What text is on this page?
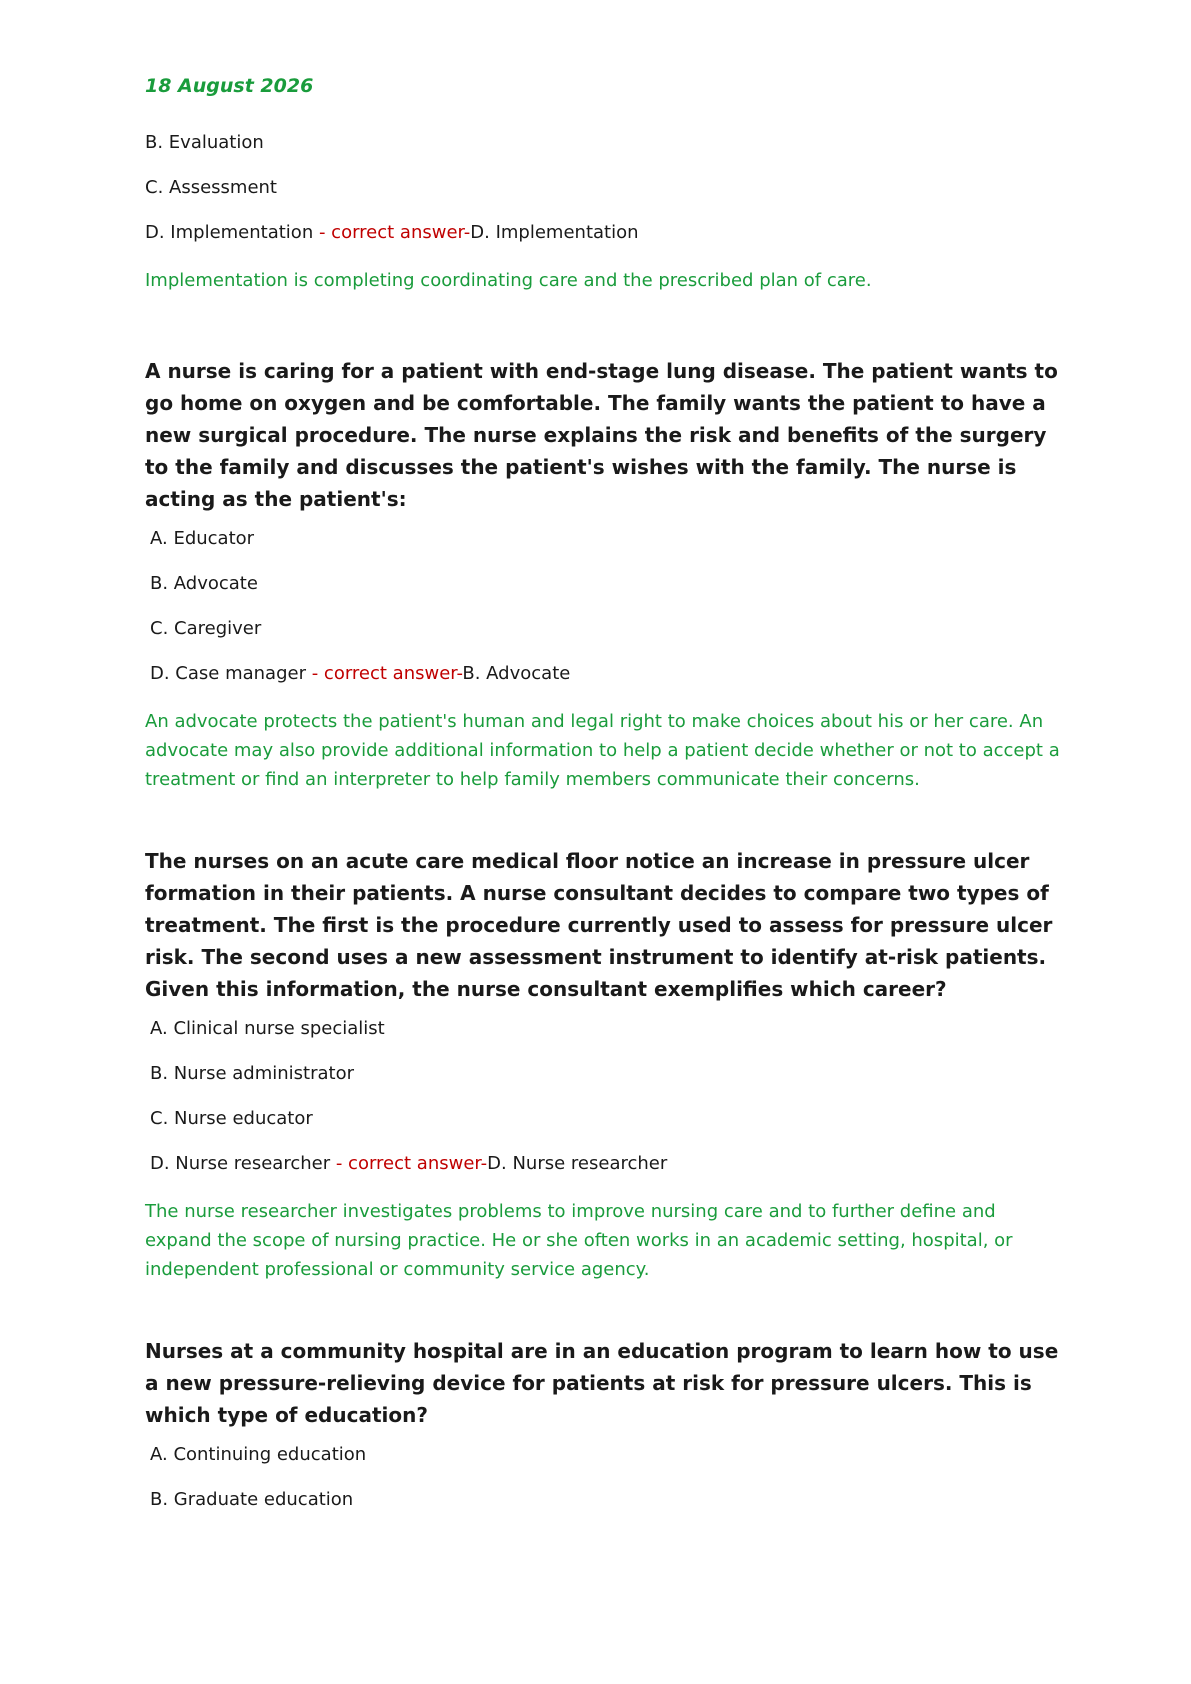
18 August 2026
B. Evaluation
C. Assessment
D. Implementation - correct answer-D. Implementation
Implementation is completing coordinating care and the prescribed plan of care.
A nurse is caring for a patient with end-stage lung disease. The patient wants to go home on oxygen and be comfortable. The family wants the patient to have a new surgical procedure. The nurse explains the risk and benefits of the surgery to the family and discusses the patient's wishes with the family. The nurse is acting as the patient's:
A. Educator
B. Advocate
C. Caregiver
D. Case manager - correct answer-B. Advocate
An advocate protects the patient's human and legal right to make choices about his or her care. An advocate may also provide additional information to help a patient decide whether or not to accept a treatment or find an interpreter to help family members communicate their concerns.
The nurses on an acute care medical floor notice an increase in pressure ulcer formation in their patients. A nurse consultant decides to compare two types of treatment. The first is the procedure currently used to assess for pressure ulcer risk. The second uses a new assessment instrument to identify at-risk patients. Given this information, the nurse consultant exemplifies which career?
A. Clinical nurse specialist
B. Nurse administrator
C. Nurse educator
D. Nurse researcher - correct answer-D. Nurse researcher
The nurse researcher investigates problems to improve nursing care and to further define and expand the scope of nursing practice. He or she often works in an academic setting, hospital, or independent professional or community service agency.
Nurses at a community hospital are in an education program to learn how to use a new pressure-relieving device for patients at risk for pressure ulcers. This is which type of education?
A. Continuing education
B. Graduate education
